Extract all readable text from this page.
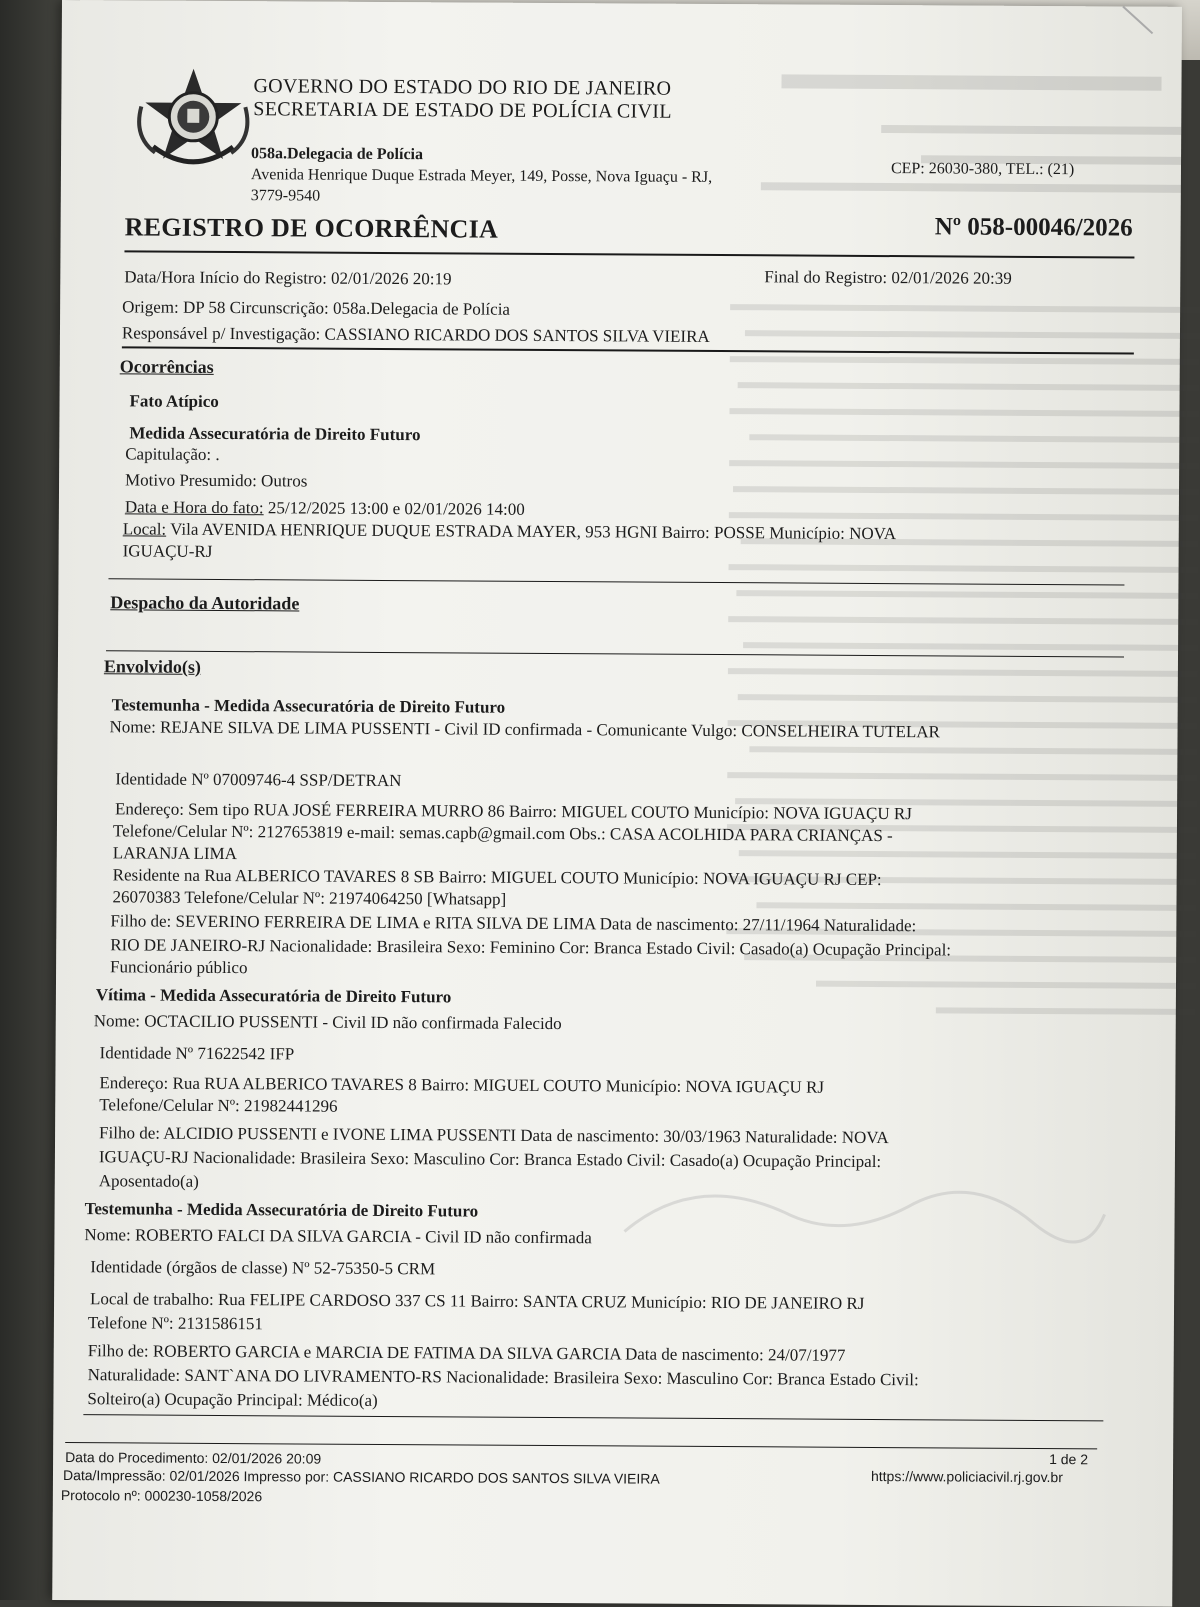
GOVERNO DO ESTADO DO RIO DE JANEIRO
SECRETARIA DE ESTADO DE POLÍCIA CIVIL
058a.Delegacia de Polícia
Avenida Henrique Duque Estrada Meyer, 149, Posse, Nova Iguaçu - RJ,
3779-9540
CEP: 26030-380, TEL.: (21)
REGISTRO DE OCORRÊNCIA	Nº 058-00046/2026
Data/Hora Início do Registro: 02/01/2026 20:19	Final do Registro: 02/01/2026 20:39
Origem: DP 58 Circunscrição: 058a.Delegacia de Polícia
Responsável p/ Investigação: CASSIANO RICARDO DOS SANTOS SILVA VIEIRA
Ocorrências
Fato Atípico
Medida Assecuratória de Direito Futuro
Capitulação: .
Motivo Presumido: Outros
Data e Hora do fato: 25/12/2025 13:00 e 02/01/2026 14:00
Local: Vila AVENIDA HENRIQUE DUQUE ESTRADA MAYER, 953 HGNI Bairro: POSSE Município: NOVA
IGUAÇU-RJ
Despacho da Autoridade
Envolvido(s)
Testemunha - Medida Assecuratória de Direito Futuro
Nome: REJANE SILVA DE LIMA PUSSENTI - Civil ID confirmada - Comunicante Vulgo: CONSELHEIRA TUTELAR
Identidade Nº 07009746-4 SSP/DETRAN
Endereço: Sem tipo RUA JOSÉ FERREIRA MURRO 86 Bairro: MIGUEL COUTO Município: NOVA IGUAÇU RJ
Telefone/Celular Nº: 2127653819 e-mail: semas.capb@gmail.com Obs.: CASA ACOLHIDA PARA CRIANÇAS -
LARANJA LIMA
Residente na Rua ALBERICO TAVARES 8 SB Bairro: MIGUEL COUTO Município: NOVA IGUAÇU RJ CEP:
26070383 Telefone/Celular Nº: 21974064250 [Whatsapp]
Filho de: SEVERINO FERREIRA DE LIMA e RITA SILVA DE LIMA Data de nascimento: 27/11/1964 Naturalidade:
RIO DE JANEIRO-RJ Nacionalidade: Brasileira Sexo: Feminino Cor: Branca Estado Civil: Casado(a) Ocupação Principal:
Funcionário público
Vítima - Medida Assecuratória de Direito Futuro
Nome: OCTACILIO PUSSENTI - Civil ID não confirmada Falecido
Identidade Nº 71622542 IFP
Endereço: Rua RUA ALBERICO TAVARES 8 Bairro: MIGUEL COUTO Município: NOVA IGUAÇU RJ
Telefone/Celular Nº: 21982441296
Filho de: ALCIDIO PUSSENTI e IVONE LIMA PUSSENTI Data de nascimento: 30/03/1963 Naturalidade: NOVA
IGUAÇU-RJ Nacionalidade: Brasileira Sexo: Masculino Cor: Branca Estado Civil: Casado(a) Ocupação Principal:
Aposentado(a)
Testemunha - Medida Assecuratória de Direito Futuro
Nome: ROBERTO FALCI DA SILVA GARCIA - Civil ID não confirmada
Identidade (órgãos de classe) Nº 52-75350-5 CRM
Local de trabalho: Rua FELIPE CARDOSO 337 CS 11 Bairro: SANTA CRUZ Município: RIO DE JANEIRO RJ
Telefone Nº: 2131586151
Filho de: ROBERTO GARCIA e MARCIA DE FATIMA DA SILVA GARCIA Data de nascimento: 24/07/1977
Naturalidade: SANT`ANA DO LIVRAMENTO-RS Nacionalidade: Brasileira Sexo: Masculino Cor: Branca Estado Civil:
Solteiro(a) Ocupação Principal: Médico(a)
Data do Procedimento: 02/01/2026 20:09
Data/Impressão: 02/01/2026 Impresso por: CASSIANO RICARDO DOS SANTOS SILVA VIEIRA
Protocolo nº: 000230-1058/2026
1 de 2
https://www.policiacivil.rj.gov.br
